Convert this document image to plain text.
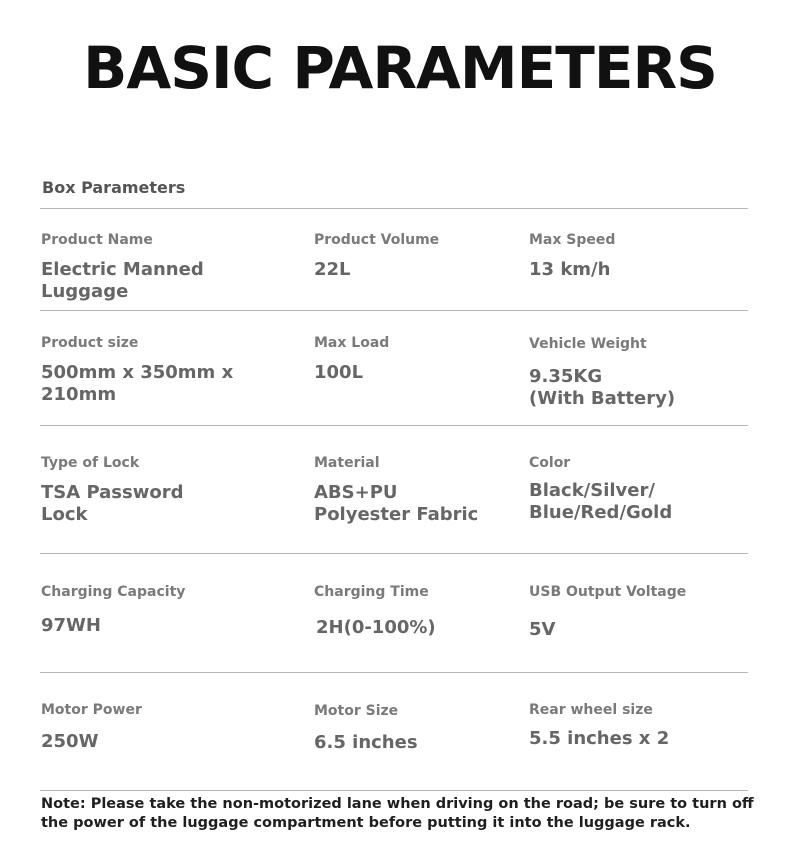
BASIC PARAMETERS
Box Parameters
Product Name
Electric Manned
Luggage
Product Volume
22L
Max Speed
13 km/h
Product size
500mm x 350mm x
210mm
Max Load
100L
Vehicle Weight
9.35KG
(With Battery)
Type of Lock
TSA Password
Lock
Material
ABS+PU
Polyester Fabric
Color
Black/Silver/
Blue/Red/Gold
Charging Capacity
97WH
Charging Time
2H(0-100%)
USB Output Voltage
5V
Motor Power
250W
Motor Size
6.5 inches
Rear wheel size
5.5 inches x 2

Note: Please take the non-motorized lane when driving on the road; be sure to turn off the power of the luggage compartment before putting it into the luggage rack.
